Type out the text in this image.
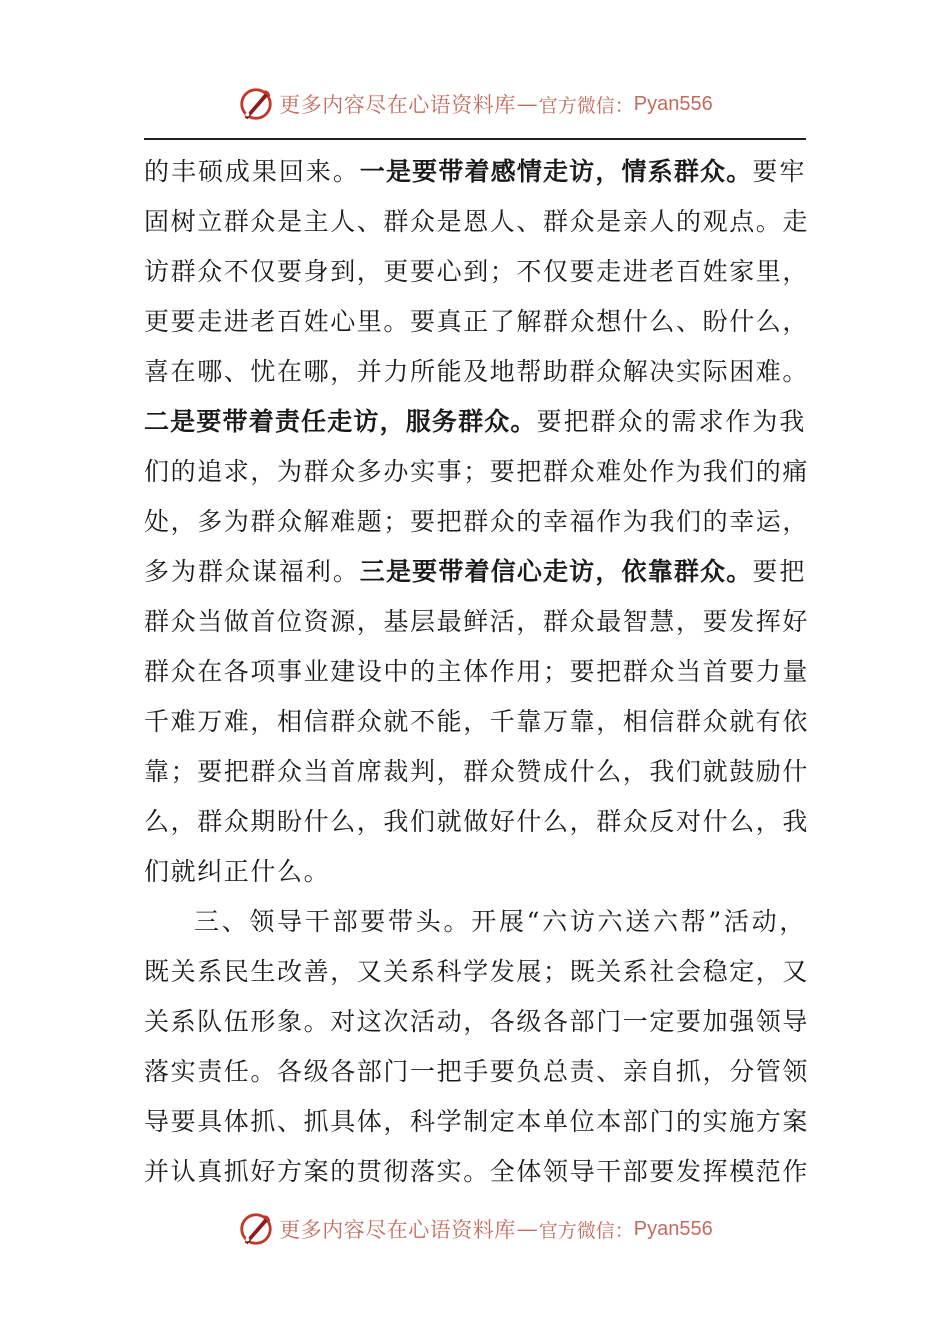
更多内容尽在心语资料库 — 官方微信： Pyan556
的丰硕成果回来。一是要带着感情走访，情系群众。要牢
固树立群众是主人、群众是恩人、群众是亲人的观点。走
访群众不仅要身到，更要心到；不仅要走进老百姓家里，
更要走进老百姓心里。要真正了解群众想什么、盼什么，
喜在哪、忧在哪，并力所能及地帮助群众解决实际困难。
二是要带着责任走访，服务群众。要把群众的需求作为我
们的追求，为群众多办实事；要把群众难处作为我们的痛
处，多为群众解难题；要把群众的幸福作为我们的幸运，
多为群众谋福利。三是要带着信心走访，依靠群众。要把
群众当做首位资源，基层最鲜活，群众最智慧，要发挥好
群众在各项事业建设中的主体作用；要把群众当首要力量
千难万难，相信群众就不能，千靠万靠，相信群众就有依
靠；要把群众当首席裁判，群众赞成什么，我们就鼓励什
么，群众期盼什么，我们就做好什么，群众反对什么，我
们就纠正什么。
三、领导干部要带头。开展“六访六送六帮”活动，
既关系民生改善，又关系科学发展；既关系社会稳定，又
关系队伍形象。对这次活动，各级各部门一定要加强领导
落实责任。各级各部门一把手要负总责、亲自抓，分管领
导要具体抓、抓具体，科学制定本单位本部门的实施方案
并认真抓好方案的贯彻落实。全体领导干部要发挥模范作
更多内容尽在心语资料库 — 官方微信： Pyan556
